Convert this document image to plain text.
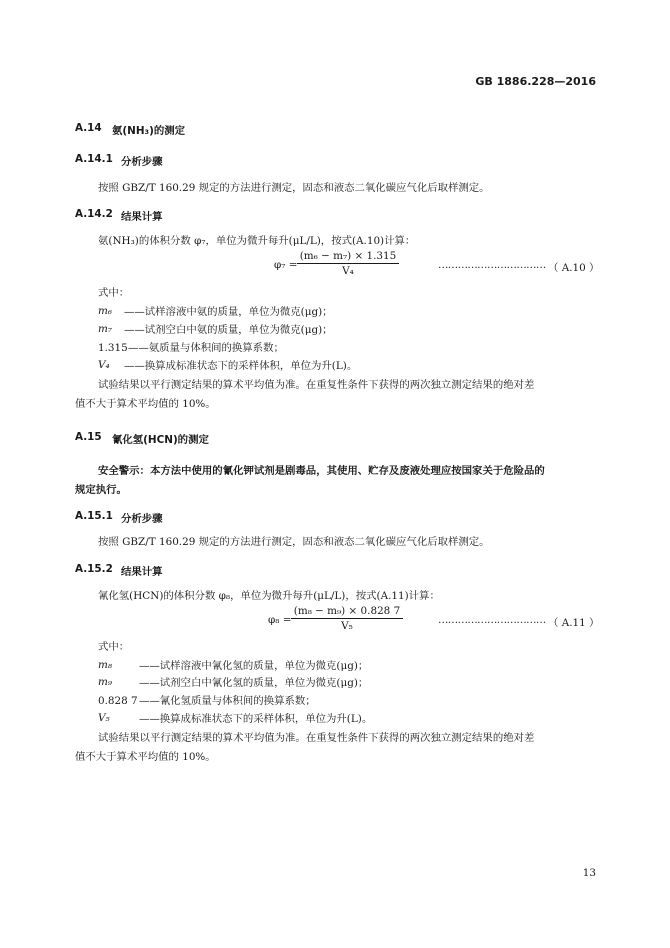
GB 1886.228—2016
A.14 氨(NH₃)的测定
A.14.1 分析步骤
按照 GBZ/T 160.29 规定的方法进行测定，固态和液态二氧化碳应气化后取样测定。
A.14.2 结果计算
氨(NH₃)的体积分数 φ₇，单位为微升每升(μL/L)，按式(A.10)计算：
φ₇ =
(m₆ − m₇) × 1.315
V₄	…………………………… （ A.10 ）
式中：
m₆ ——试样溶液中氨的质量，单位为微克(μg)；
m₇ ——试剂空白中氨的质量，单位为微克(μg)；
1.315 ——氨质量与体积间的换算系数；
V₄ ——换算成标准状态下的采样体积，单位为升(L)。
试验结果以平行测定结果的算术平均值为准。在重复性条件下获得的两次独立测定结果的绝对差
值不大于算术平均值的 10%。
A.15 氰化氢(HCN)的测定
安全警示：本方法中使用的氰化钾试剂是剧毒品，其使用、贮存及废液处理应按国家关于危险品的
规定执行。
A.15.1 分析步骤
按照 GBZ/T 160.29 规定的方法进行测定，固态和液态二氧化碳应气化后取样测定。
A.15.2 结果计算
氰化氢(HCN)的体积分数 φ₈，单位为微升每升(μL/L)，按式(A.11)计算：
φ₈ =
(m₈ − m₉) × 0.828 7
V₅	…………………………… （ A.11 ）
式中：
m₈	——试样溶液中氰化氢的质量，单位为微克(μg)；
m₉	——试剂空白中氰化氢的质量，单位为微克(μg)；
0.828 7 ——氰化氢质量与体积间的换算系数；
V₅	——换算成标准状态下的采样体积，单位为升(L)。
试验结果以平行测定结果的算术平均值为准。在重复性条件下获得的两次独立测定结果的绝对差
值不大于算术平均值的 10%。
13
